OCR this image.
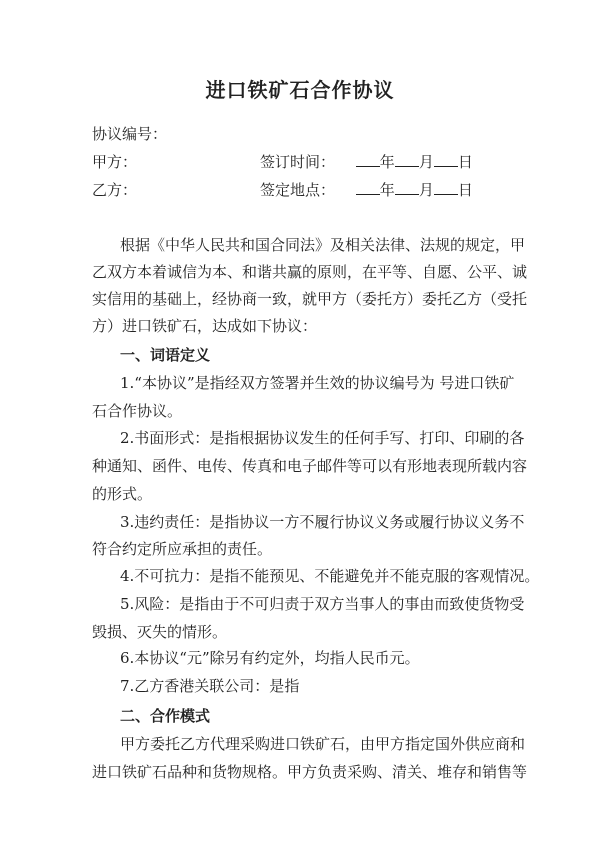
进口铁矿石合作协议
协议编号：
甲方：
乙方：
签订时间：	年 月 日
签定地点：	年 月 日
根据《中华人民共和国合同法》及相关法律、法规的规定，甲
乙双方本着诚信为本、和谐共赢的原则，在平等、自愿、公平、诚
实信用的基础上，经协商一致，就甲方（委托方）委托乙方（受托
方）进口铁矿石，达成如下协议：
一、词语定义
1.“本协议”是指经双方签署并生效的协议编号为 号进口铁矿
石合作协议。
2.书面形式：是指根据协议发生的任何手写、打印、印刷的各
种通知、函件、电传、传真和电子邮件等可以有形地表现所载内容
的形式。
3.违约责任：是指协议一方不履行协议义务或履行协议义务不
符合约定所应承担的责任。
4.不可抗力：是指不能预见、不能避免并不能克服的客观情况。
5.风险：是指由于不可归责于双方当事人的事由而致使货物受
毁损、灭失的情形。
6.本协议“元”除另有约定外，均指人民币元。
7.乙方香港关联公司：是指
二、合作模式
甲方委托乙方代理采购进口铁矿石，由甲方指定国外供应商和
进口铁矿石品种和货物规格。甲方负责采购、清关、堆存和销售等
